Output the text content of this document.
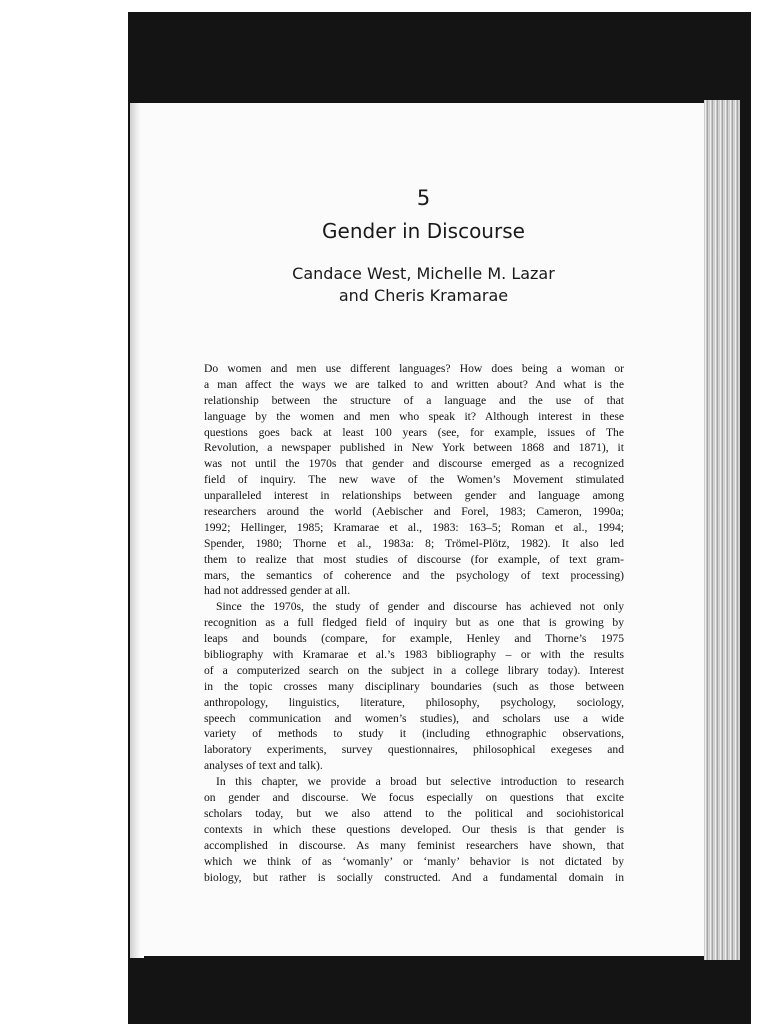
5
Gender in Discourse
Candace West, Michelle M. Lazar
and Cheris Kramarae
Do women and men use different languages? How does being a woman or
a man affect the ways we are talked to and written about? And what is the
relationship between the structure of a language and the use of that
language by the women and men who speak it? Although interest in these
questions goes back at least 100 years (see, for example, issues of The
Revolution, a newspaper published in New York between 1868 and 1871), it
was not until the 1970s that gender and discourse emerged as a recognized
field of inquiry. The new wave of the Women’s Movement stimulated
unparalleled interest in relationships between gender and language among
researchers around the world (Aebischer and Forel, 1983; Cameron, 1990a;
1992; Hellinger, 1985; Kramarae et al., 1983: 163–5; Roman et al., 1994;
Spender, 1980; Thorne et al., 1983a: 8; Trömel-Plötz, 1982). It also led
them to realize that most studies of discourse (for example, of text gram-
mars, the semantics of coherence and the psychology of text processing)
had not addressed gender at all.
Since the 1970s, the study of gender and discourse has achieved not only
recognition as a full fledged field of inquiry but as one that is growing by
leaps and bounds (compare, for example, Henley and Thorne’s 1975
bibliography with Kramarae et al.’s 1983 bibliography – or with the results
of a computerized search on the subject in a college library today). Interest
in the topic crosses many disciplinary boundaries (such as those between
anthropology, linguistics, literature, philosophy, psychology, sociology,
speech communication and women’s studies), and scholars use a wide
variety of methods to study it (including ethnographic observations,
laboratory experiments, survey questionnaires, philosophical exegeses and
analyses of text and talk).
In this chapter, we provide a broad but selective introduction to research
on gender and discourse. We focus especially on questions that excite
scholars today, but we also attend to the political and sociohistorical
contexts in which these questions developed. Our thesis is that gender is
accomplished in discourse. As many feminist researchers have shown, that
which we think of as ‘womanly’ or ‘manly’ behavior is not dictated by
biology, but rather is socially constructed. And a fundamental domain in
